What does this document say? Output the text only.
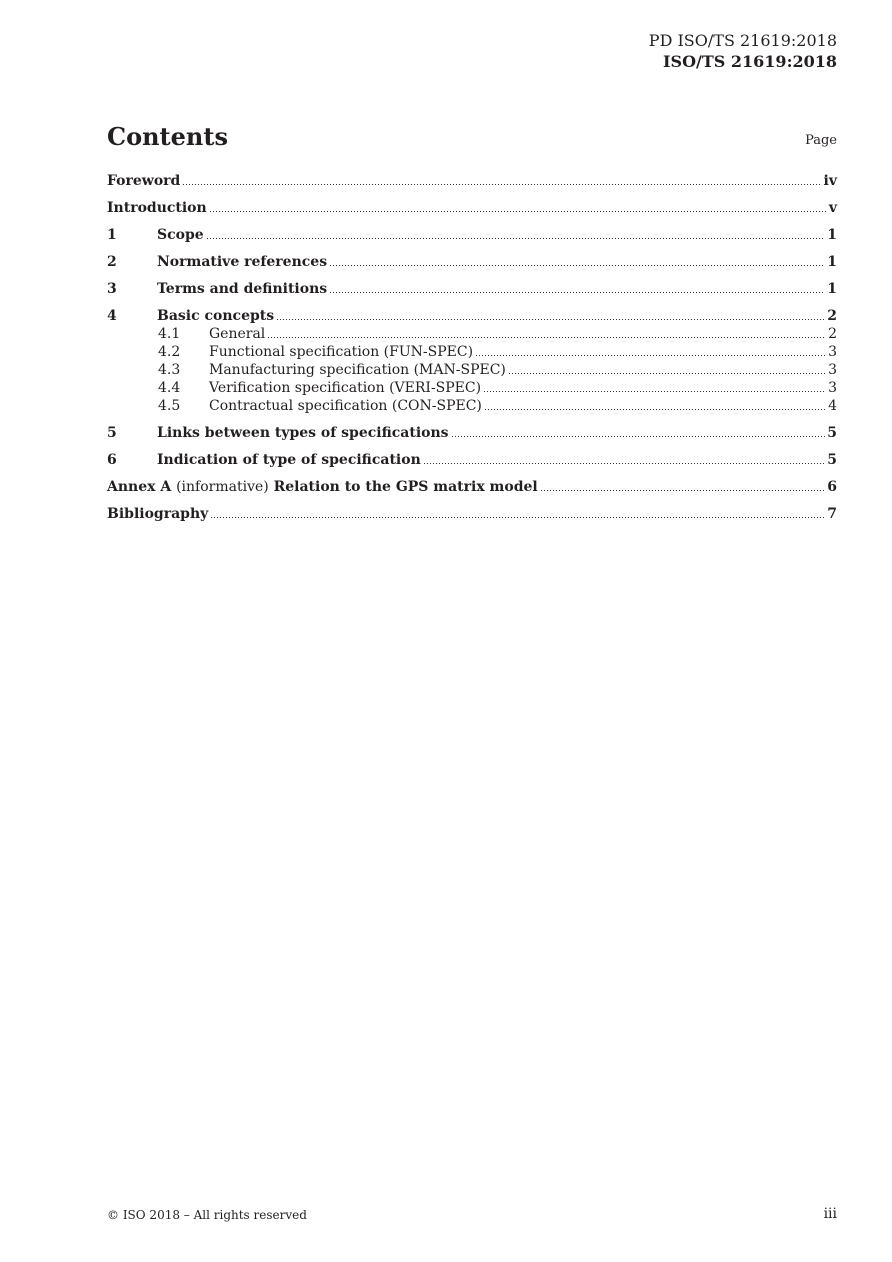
PD ISO/TS 21619:2018
ISO/TS 21619:2018
Contents	Page
Foreword	iv
Introduction	v
1	Scope	1
2	Normative references	1
3	Terms and definitions	1
4	Basic concepts	2
4.1	General	2
4.2	Functional specification (FUN-SPEC)	3
4.3	Manufacturing specification (MAN-SPEC)	3
4.4	Verification specification (VERI-SPEC)	3
4.5	Contractual specification (CON-SPEC)	4
5	Links between types of specifications	5
6	Indication of type of specification	5
Annex A (informative) Relation to the GPS matrix model	6
Bibliography	7
© ISO 2018 – All rights reserved	iii
